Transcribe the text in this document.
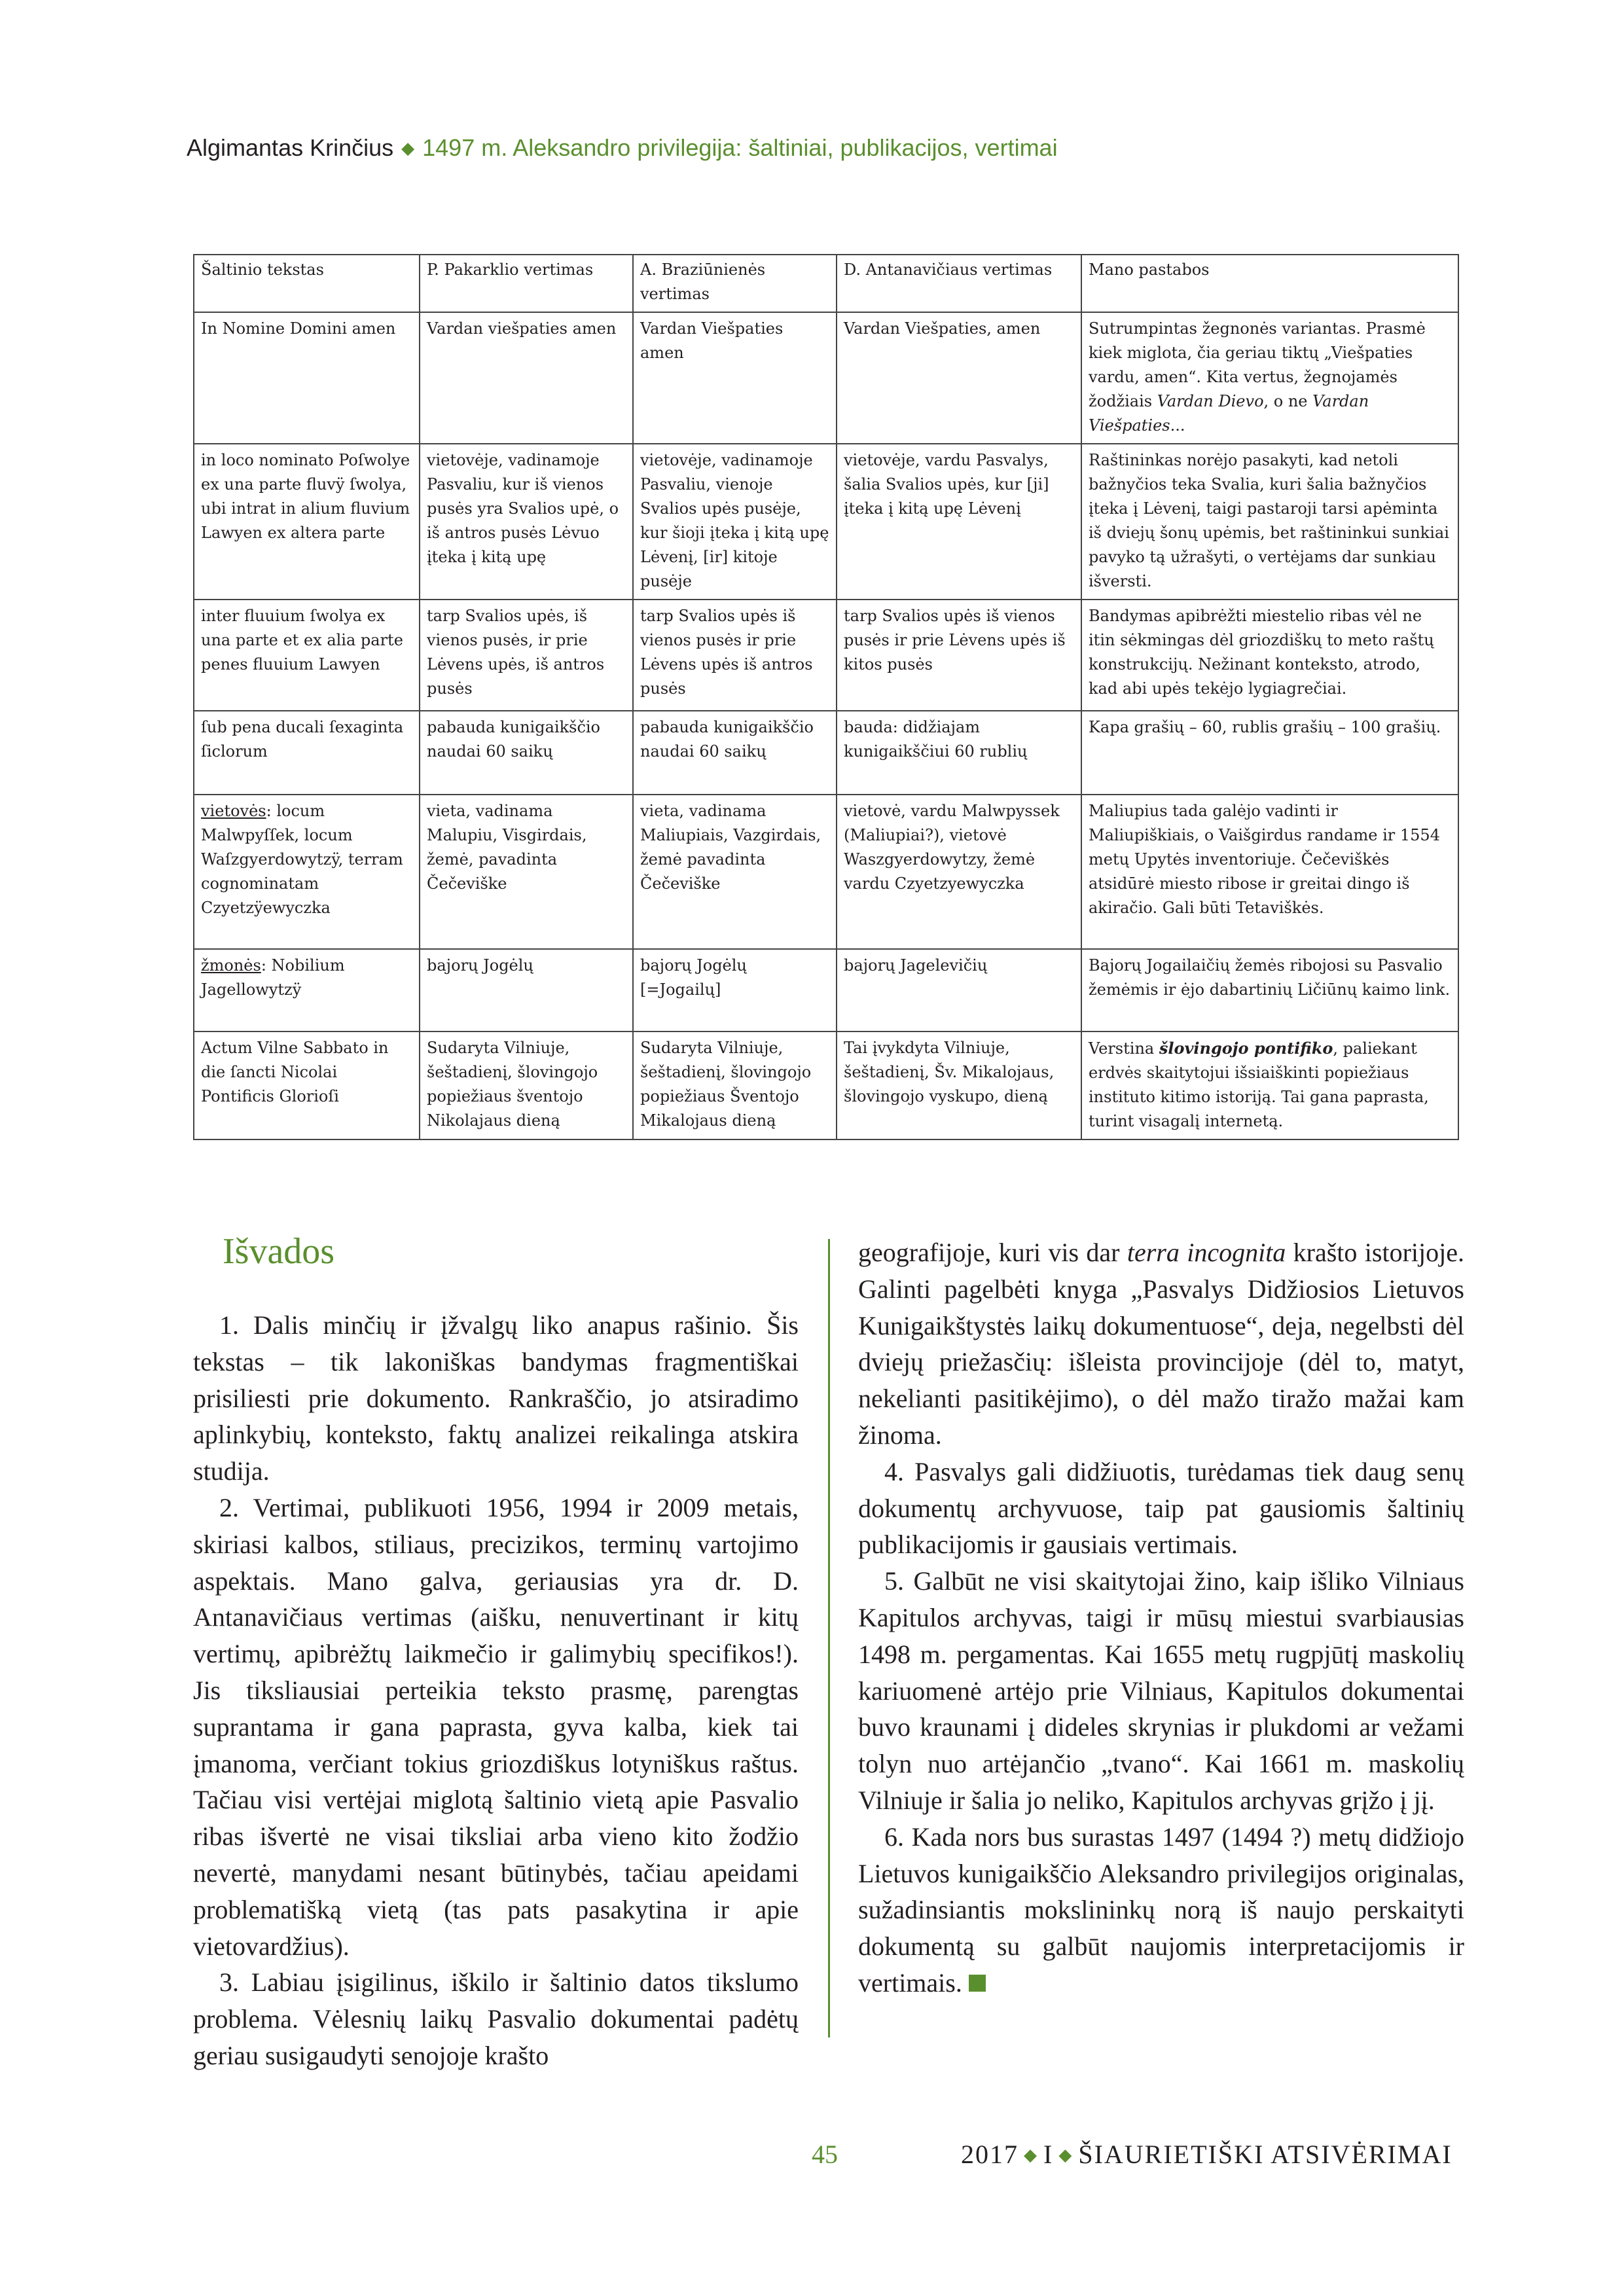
Algimantas Krinčius ◆ 1497 m. Aleksandro privilegija: šaltiniai, publikacijos, vertimai
Šaltinio tekstas	P. Pakarklio vertimas	A. Braziūnienės vertimas	D. Antanavičiaus vertimas	Mano pastabos
In Nomine Domini amen	Vardan viešpaties amen	Vardan Viešpaties amen	Vardan Viešpaties, amen	Sutrumpintas žegnonės variantas. Prasmė kiek miglota, čia geriau tiktų „Viešpaties vardu, amen“. Kita vertus, žegnojamės žodžiais Vardan Dievo, o ne Vardan Viešpaties...
in loco nominato Poſwolye ex una parte fluvÿ ſwolya, ubi intrat in alium fluvium Lawyen ex altera parte	vietovėje, vadinamoje Pasvaliu, kur iš vienos pusės yra Svalios upė, o iš antros pusės Lėvuo įteka į kitą upę	vietovėje, vadinamoje Pasvaliu, vienoje Svalios upės pusėje, kur šioji įteka į kitą upę Lėvenį, [ir] kitoje pusėje	vietovėje, vardu Pasvalys, šalia Svalios upės, kur [ji] įteka į kitą upę Lėvenį	Raštininkas norėjo pasakyti, kad netoli bažnyčios teka Svalia, kuri šalia bažnyčios įteka į Lėvenį, taigi pastaroji tarsi apėminta iš dviejų šonų upėmis, bet raštininkui sunkiai pavyko tą užrašyti, o vertėjams dar sunkiau išversti.
inter fluuium ſwolya ex una parte et ex alia parte penes fluuium Lawyen	tarp Svalios upės, iš vienos pusės, ir prie Lėvens upės, iš antros pusės	tarp Svalios upės iš vienos pusės ir prie Lėvens upės iš antros pusės	tarp Svalios upės iš vienos pusės ir prie Lėvens upės iš kitos pusės	Bandymas apibrėžti miestelio ribas vėl ne itin sėkmingas dėl griozdiškų to meto raštų konstrukcijų. Nežinant konteksto, atrodo, kad abi upės tekėjo lygiagrečiai.
ſub pena ducali ſexaginta ſiclorum	pabauda kunigaikščio naudai 60 saikų	pabauda kunigaikščio naudai 60 saikų	bauda: didžiajam kunigaikščiui 60 rublių	Kapa grašių – 60, rublis grašių – 100 grašių.
vietovės: locum Malwpyſſek, locum Waſzgyerdowytzÿ, terram cognominatam Czyetzÿewyczka	vieta, vadinama Malupiu, Visgirdais, žemė, pavadinta Čečeviške	vieta, vadinama Maliupiais, Vazgirdais, žemė pavadinta Čečeviške	vietovė, vardu Malwpyssek (Maliupiai?), vietovė Waszgyerdowytzy, žemė vardu Czyetzyewyczka	Maliupius tada galėjo vadinti ir Maliupiškiais, o Vaišgirdus randame ir 1554 metų Upytės inventoriuje. Čečeviškės atsidūrė miesto ribose ir greitai dingo iš akiračio. Gali būti Tetaviškės.
žmonės: Nobilium Jagellowytzÿ	bajorų Jogėlų	bajorų Jogėlų [=Jogailų]	bajorų Jagelevičių	Bajorų Jogailaičių žemės ribojosi su Pasvalio žemėmis ir ėjo dabartinių Ličiūnų kaimo link.
Actum Vilne Sabbato in die ſancti Nicolai Pontificis Glorioſi	Sudaryta Vilniuje, šeštadienį, šlovingojo popiežiaus šventojo Nikolajaus dieną	Sudaryta Vilniuje, šeštadienį, šlovingojo popiežiaus Šventojo Mikalojaus dieną	Tai įvykdyta Vilniuje, šeštadienį, Šv. Mikalojaus, šlovingojo vyskupo, dieną	Verstina šlovingojo pontifiko, paliekant erdvės skaitytojui išsiaiškinti popiežiaus instituto kitimo istoriją. Tai gana paprasta, turint visagalį internetą.
Išvados

1. Dalis minčių ir įžvalgų liko anapus rašinio. Šis tekstas – tik lakoniškas bandymas fragmentiškai prisiliesti prie dokumento. Rankraščio, jo atsiradimo aplinkybių, konteksto, faktų analizei reikalinga atskira studija.

2. Vertimai, publikuoti 1956, 1994 ir 2009 metais, skiriasi kalbos, stiliaus, precizikos, terminų vartojimo aspektais. Mano galva, geriausias yra dr. D. Antanavičiaus vertimas (aišku, nenuvertinant ir kitų vertimų, apibrėžtų laikmečio ir galimybių specifikos!). Jis tiksliausiai perteikia teksto prasmę, parengtas suprantama ir gana paprasta, gyva kalba, kiek tai įmanoma, verčiant tokius griozdiškus lotyniškus raštus. Tačiau visi vertėjai miglotą šaltinio vietą apie Pasvalio ribas išvertė ne visai tiksliai arba vieno kito žodžio nevertė, manydami nesant būtinybės, tačiau apeidami problematišką vietą (tas pats pasakytina ir apie vietovardžius).

3. Labiau įsigilinus, iškilo ir šaltinio datos tikslumo problema. Vėlesnių laikų Pasvalio dokumentai padėtų geriau susigaudyti senojoje krašto

geografijoje, kuri vis dar terra incognita krašto istorijoje. Galinti pagelbėti knyga „Pasvalys Didžiosios Lietuvos Kunigaikštystės laikų dokumentuose“, deja, negelbsti dėl dviejų priežasčių: išleista provincijoje (dėl to, matyt, nekelianti pasitikėjimo), o dėl mažo tiražo mažai kam žinoma.

4. Pasvalys gali didžiuotis, turėdamas tiek daug senų dokumentų archyvuose, taip pat gausiomis šaltinių publikacijomis ir gausiais vertimais.

5. Galbūt ne visi skaitytojai žino, kaip išliko Vilniaus Kapitulos archyvas, taigi ir mūsų miestui svarbiausias 1498 m. pergamentas. Kai 1655 metų rugpjūtį maskolių kariuomenė artėjo prie Vilniaus, Kapitulos dokumentai buvo kraunami į dideles skrynias ir plukdomi ar vežami tolyn nuo artėjančio „tvano“. Kai 1661 m. maskolių Vilniuje ir šalia jo neliko, Kapitulos archyvas grįžo į jį.

6. Kada nors bus surastas 1497 (1494 ?) metų didžiojo Lietuvos kunigaikščio Aleksandro privilegijos originalas, sužadinsiantis mokslininkų norą iš naujo perskaityti dokumentą su galbūt naujomis interpretacijomis ir vertimais.

45	2017 ◆ I ◆ ŠIAURIETIŠKI ATSIVĖRIMAI
